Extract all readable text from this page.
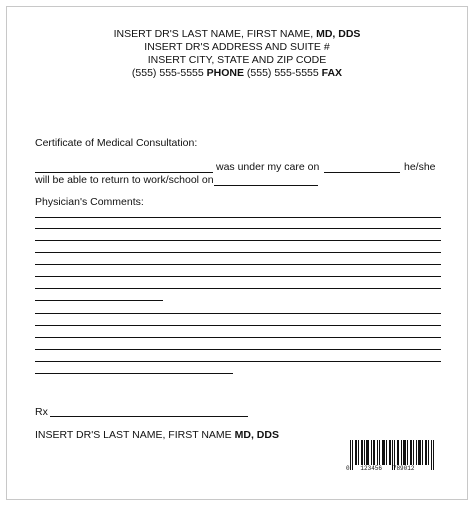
INSERT DR'S LAST NAME, FIRST NAME, MD, DDS
INSERT DR'S ADDRESS AND SUITE #
INSERT CITY, STATE AND ZIP CODE
(555) 555-5555 PHONE (555) 555-5555 FAX
Certificate of Medical Consultation:
was under my care on	he/she
will be able to return to work/school on
Physician's Comments:
Rx
INSERT DR'S LAST NAME, FIRST NAME MD, DDS
0 123456 789012
